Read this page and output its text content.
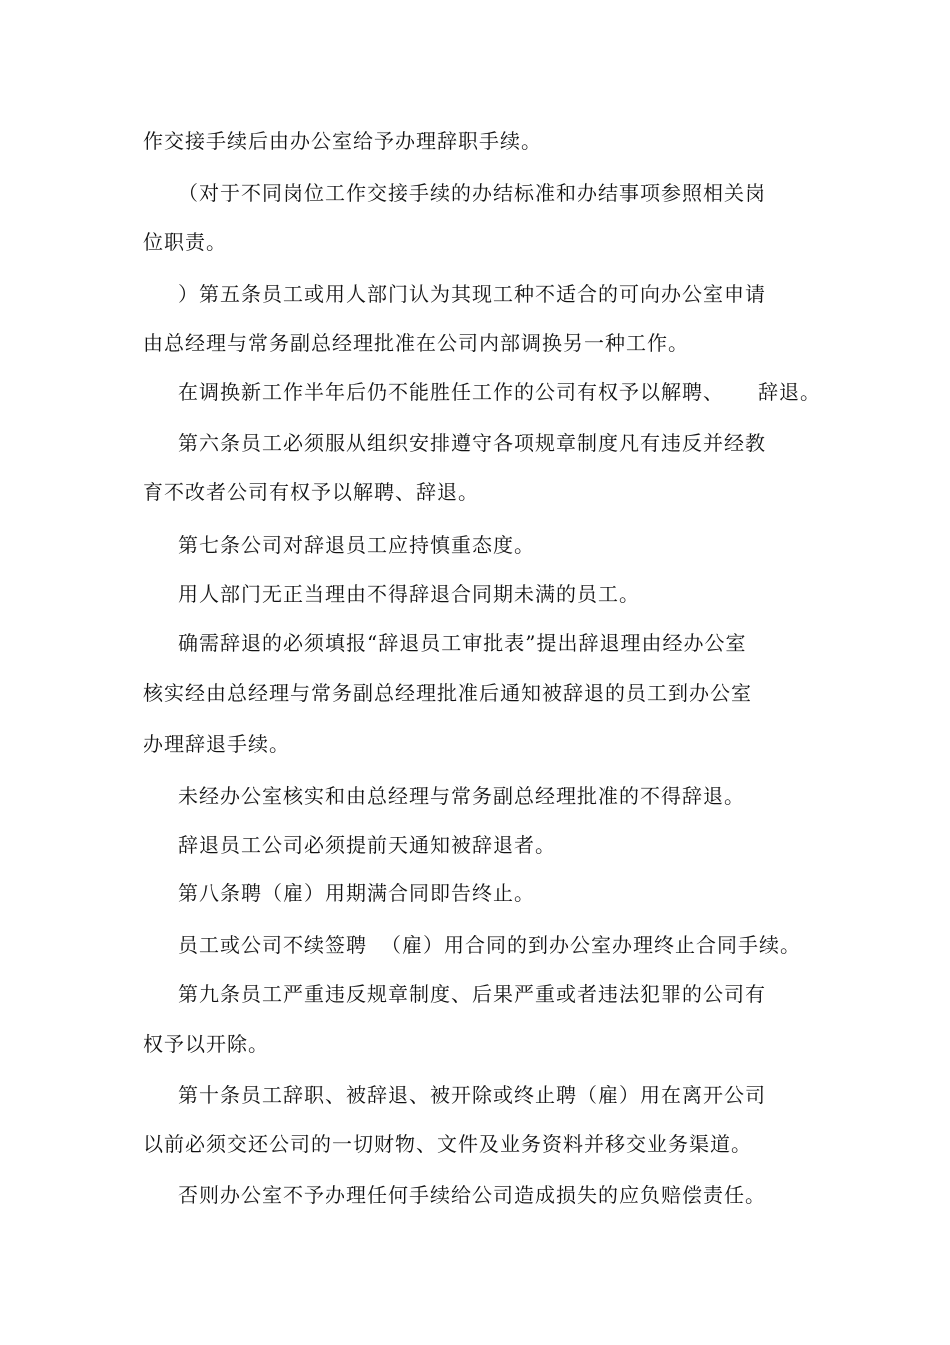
作交接手续后由办公室给予办理辞职手续。
（对于不同岗位工作交接手续的办结标准和办结事项参照相关岗
位职责。
）第五条员工或用人部门认为其现工种不适合的可向办公室申请
由总经理与常务副总经理批准在公司内部调换另一种工作。
在调换新工作半年后仍不能胜任工作的公司有权予以解聘、 辞退。
第六条员工必须服从组织安排遵守各项规章制度凡有违反并经教
育不改者公司有权予以解聘、辞退。
第七条公司对辞退员工应持慎重态度。
用人部门无正当理由不得辞退合同期未满的员工。
确需辞退的必须填报“辞退员工审批表”提出辞退理由经办公室
核实经由总经理与常务副总经理批准后通知被辞退的员工到办公室
办理辞退手续。
未经办公室核实和由总经理与常务副总经理批准的不得辞退。
辞退员工公司必须提前天通知被辞退者。
第八条聘（雇）用期满合同即告终止。
员工或公司不续签聘 （雇）用合同的到办公室办理终止合同手续。
第九条员工严重违反规章制度、后果严重或者违法犯罪的公司有
权予以开除。
第十条员工辞职、被辞退、被开除或终止聘（雇）用在离开公司
以前必须交还公司的一切财物、文件及业务资料并移交业务渠道。
否则办公室不予办理任何手续给公司造成损失的应负赔偿责任。
